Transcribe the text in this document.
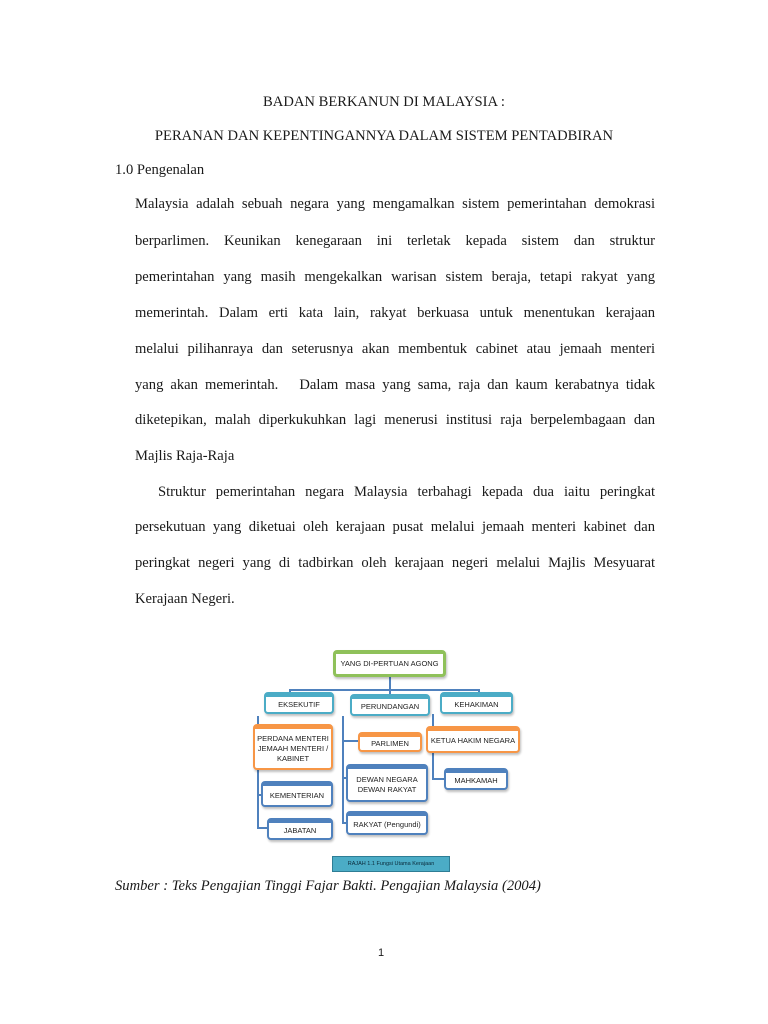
BADAN BERKANUN DI MALAYSIA :
PERANAN DAN KEPENTINGANNYA DALAM SISTEM PENTADBIRAN
1.0 Pengenalan
Malaysia adalah sebuah negara yang mengamalkan sistem pemerintahan demokrasi
berparlimen. Keunikan kenegaraan ini terletak kepada sistem dan struktur
pemerintahan yang masih mengekalkan warisan sistem beraja, tetapi rakyat yang
memerintah. Dalam erti kata lain, rakyat berkuasa untuk menentukan kerajaan
melalui pilihanraya dan seterusnya akan membentuk cabinet atau jemaah menteri
yang akan memerintah.   Dalam masa yang sama, raja dan kaum kerabatnya tidak
diketepikan, malah diperkukuhkan lagi menerusi institusi raja berpelembagaan dan
Majlis Raja-Raja
Struktur pemerintahan negara Malaysia terbahagi kepada dua iaitu peringkat
persekutuan yang diketuai oleh kerajaan pusat melalui jemaah menteri kabinet dan
peringkat negeri yang di tadbirkan oleh kerajaan negeri melalui Majlis Mesyuarat
Kerajaan Negeri.
YANG DI-PERTUAN AGONG
EKSEKUTIF	PERUNDANGAN	KEHAKIMAN
PERDANA MENTERI
JEMAAH MENTERI /
KABINET
PARLIMEN	KETUA HAKIM NEGARA
DEWAN NEGARA
DEWAN RAKYAT
MAHKAMAH
KEMENTERIAN
RAKYAT (Pengundi)
JABATAN
RAJAH 1.1 Fungsi Utama Kerajaan
Sumber : Teks Pengajian Tinggi Fajar Bakti. Pengajian Malaysia (2004)
1
